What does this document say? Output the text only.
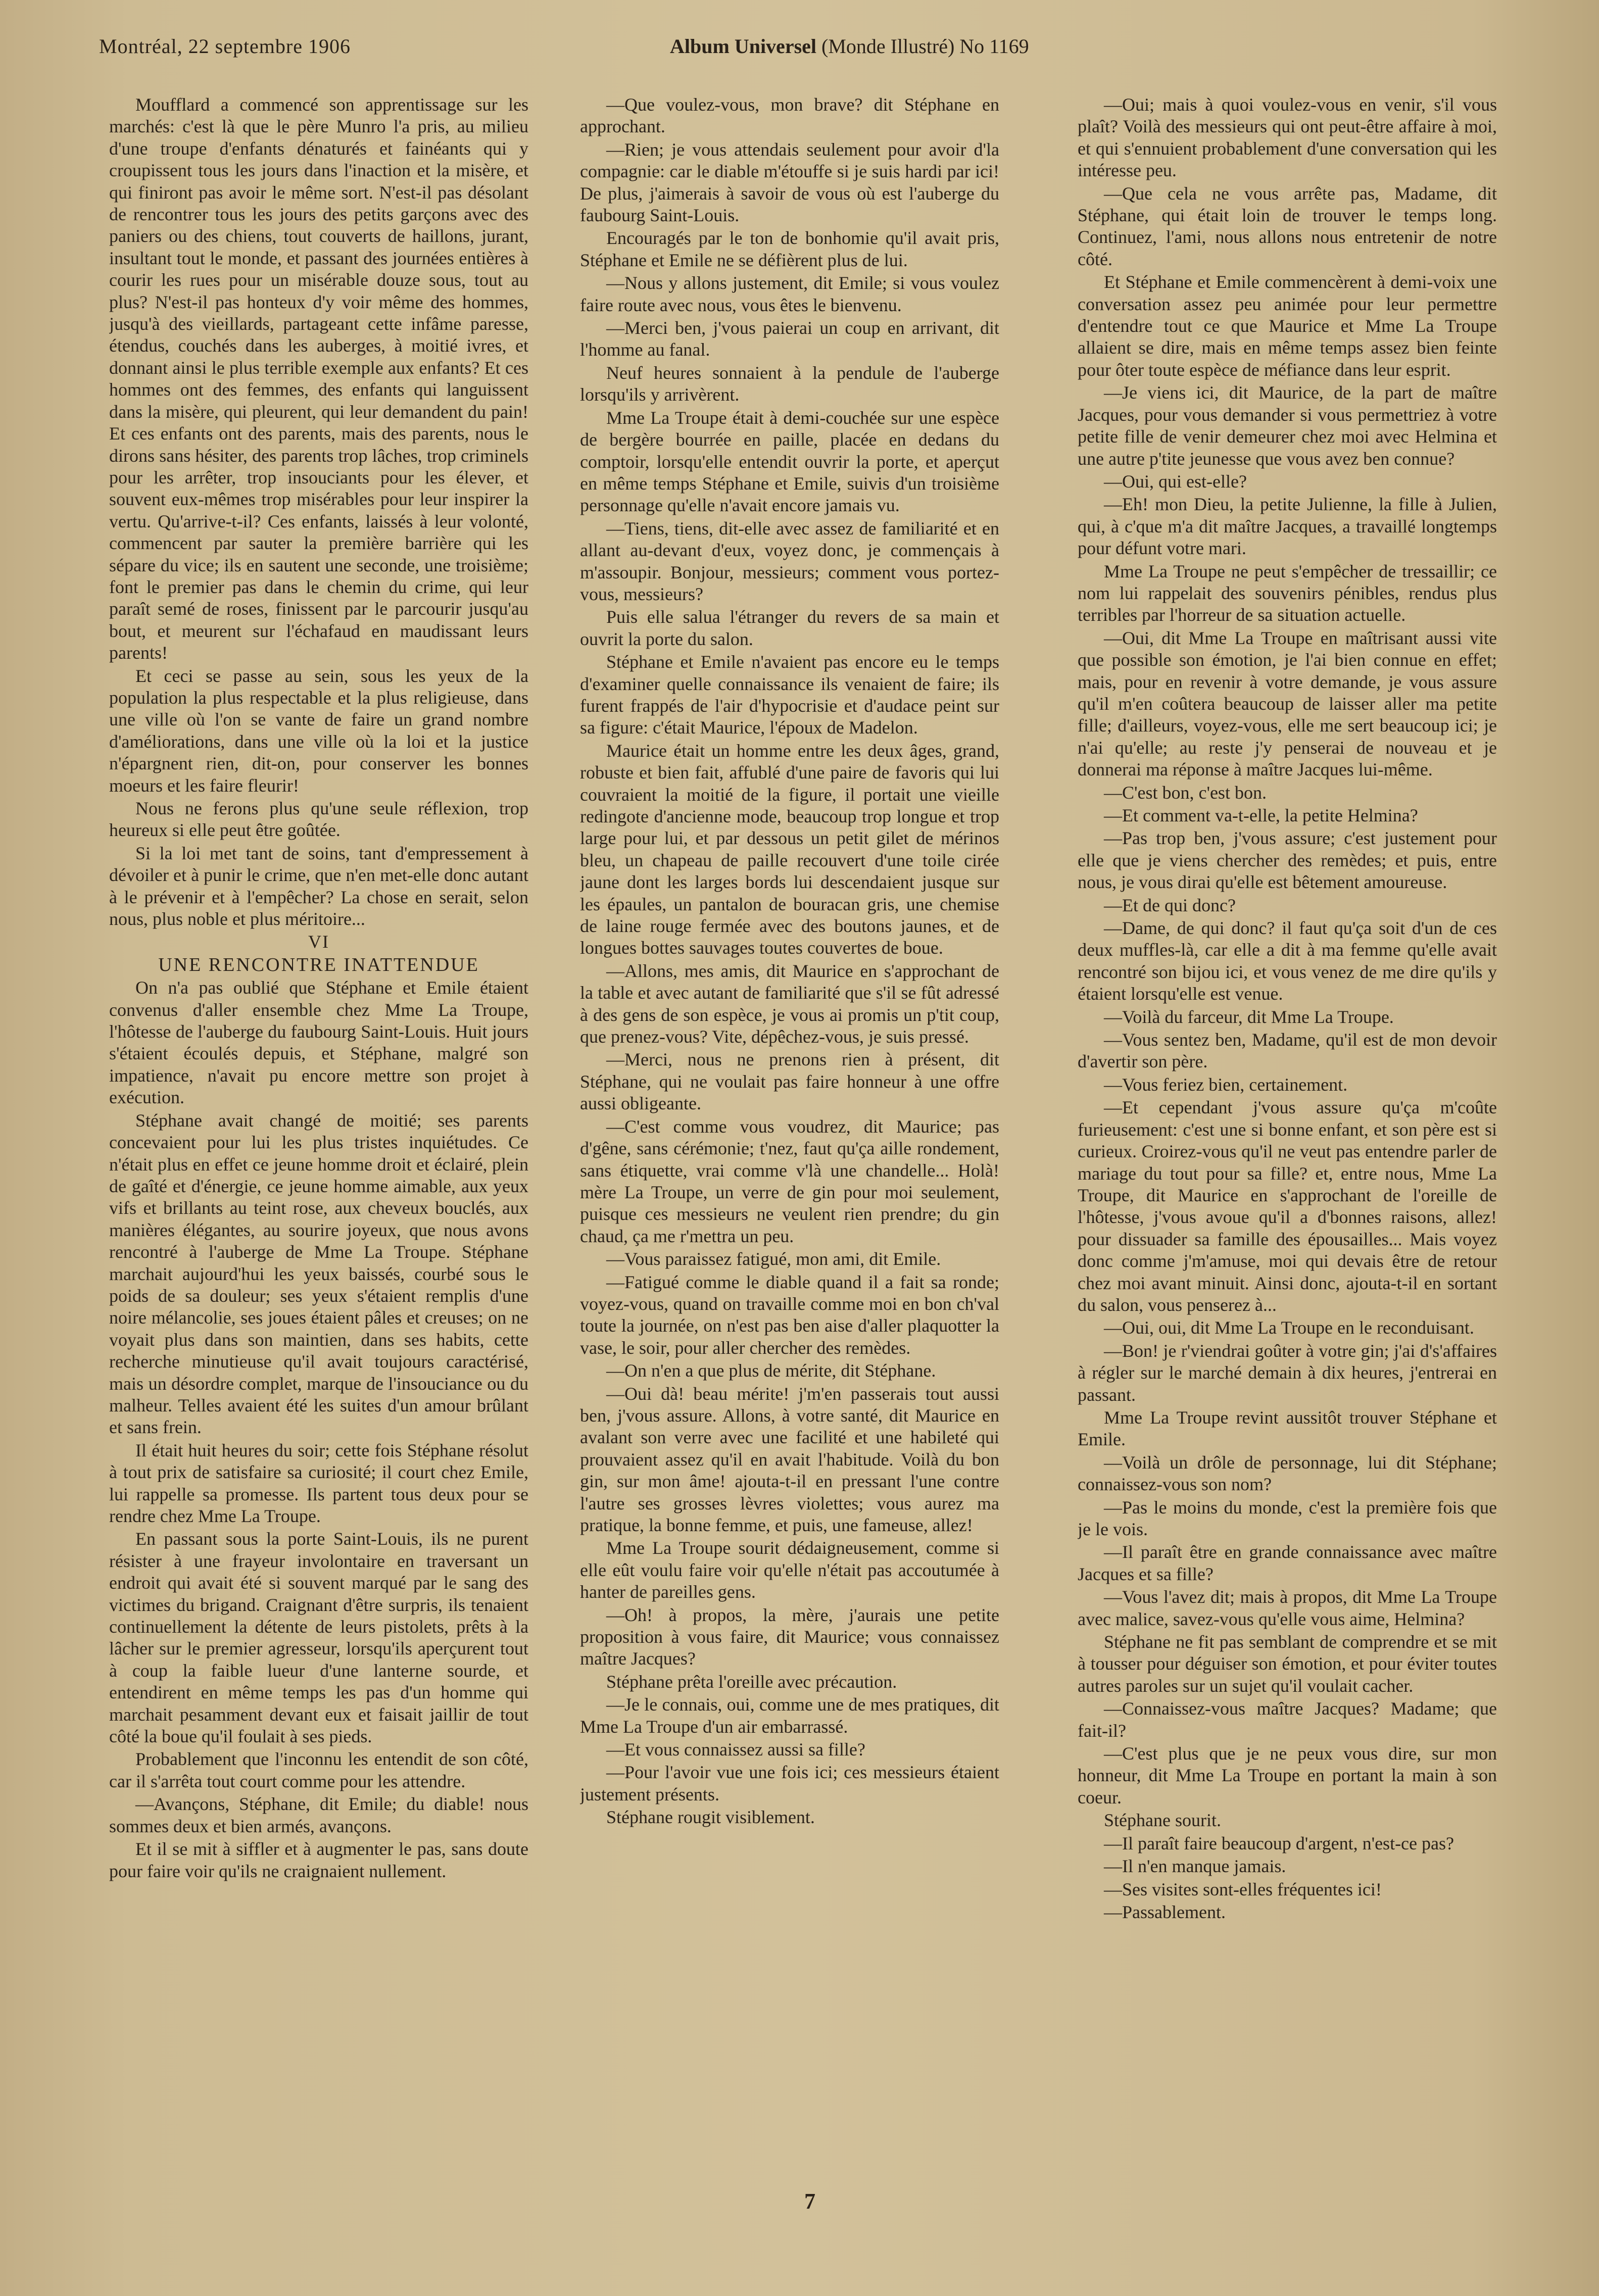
Montréal, 22 septembre 1906	Album Universel (Monde Illustré) No 1169

Moufflard a commencé son apprentissage sur les marchés: c'est là que le père Munro l'a pris, au milieu d'une troupe d'enfants dénaturés et fainéants qui y croupissent tous les jours dans l'inaction et la misère, et qui finiront pas avoir le même sort. N'est-il pas désolant de rencontrer tous les jours des petits garçons avec des paniers ou des chiens, tout couverts de haillons, jurant, insultant tout le monde, et passant des journées entières à courir les rues pour un misérable douze sous, tout au plus? N'est-il pas honteux d'y voir même des hommes, jusqu'à des vieillards, partageant cette infâme paresse, étendus, couchés dans les auberges, à moitié ivres, et donnant ainsi le plus terrible exemple aux enfants? Et ces hommes ont des femmes, des enfants qui languissent dans la misère, qui pleurent, qui leur demandent du pain! Et ces enfants ont des parents, mais des parents, nous le dirons sans hésiter, des parents trop lâches, trop criminels pour les arrêter, trop insouciants pour les élever, et souvent eux-mêmes trop misérables pour leur inspirer la vertu. Qu'arrive-t-il? Ces enfants, laissés à leur volonté, commencent par sauter la première barrière qui les sépare du vice; ils en sautent une seconde, une troisième; font le premier pas dans le chemin du crime, qui leur paraît semé de roses, finissent par le parcourir jusqu'au bout, et meurent sur l'échafaud en maudissant leurs parents!

Et ceci se passe au sein, sous les yeux de la population la plus respectable et la plus religieuse, dans une ville où l'on se vante de faire un grand nombre d'améliorations, dans une ville où la loi et la justice n'épargnent rien, dit-on, pour conserver les bonnes moeurs et les faire fleurir!

Nous ne ferons plus qu'une seule réflexion, trop heureux si elle peut être goûtée.

Si la loi met tant de soins, tant d'empressement à dévoiler et à punir le crime, que n'en met-elle donc autant à le prévenir et à l'empêcher? La chose en serait, selon nous, plus noble et plus méritoire...

VI

UNE RENCONTRE INATTENDUE

On n'a pas oublié que Stéphane et Emile étaient convenus d'aller ensemble chez Mme La Troupe, l'hôtesse de l'auberge du faubourg Saint-Louis. Huit jours s'étaient écoulés depuis, et Stéphane, malgré son impatience, n'avait pu encore mettre son projet à exécution.

Stéphane avait changé de moitié; ses parents concevaient pour lui les plus tristes inquiétudes. Ce n'était plus en effet ce jeune homme droit et éclairé, plein de gaîté et d'énergie, ce jeune homme aimable, aux yeux vifs et brillants au teint rose, aux cheveux bouclés, aux manières élégantes, au sourire joyeux, que nous avons rencontré à l'auberge de Mme La Troupe. Stéphane marchait aujourd'hui les yeux baissés, courbé sous le poids de sa douleur; ses yeux s'étaient remplis d'une noire mélancolie, ses joues étaient pâles et creuses; on ne voyait plus dans son maintien, dans ses habits, cette recherche minutieuse qu'il avait toujours caractérisé, mais un désordre complet, marque de l'insouciance ou du malheur. Telles avaient été les suites d'un amour brûlant et sans frein.

Il était huit heures du soir; cette fois Stéphane résolut à tout prix de satisfaire sa curiosité; il court chez Emile, lui rappelle sa promesse. Ils partent tous deux pour se rendre chez Mme La Troupe.

En passant sous la porte Saint-Louis, ils ne purent résister à une frayeur involontaire en traversant un endroit qui avait été si souvent marqué par le sang des victimes du brigand. Craignant d'être surpris, ils tenaient continuellement la détente de leurs pistolets, prêts à la lâcher sur le premier agresseur, lorsqu'ils aperçurent tout à coup la faible lueur d'une lanterne sourde, et entendirent en même temps les pas d'un homme qui marchait pesamment devant eux et faisait jaillir de tout côté la boue qu'il foulait à ses pieds.

Probablement que l'inconnu les entendit de son côté, car il s'arrêta tout court comme pour les attendre.

—Avançons, Stéphane, dit Emile; du diable! nous sommes deux et bien armés, avançons.

Et il se mit à siffler et à augmenter le pas, sans doute pour faire voir qu'ils ne craignaient nullement.

—Que voulez-vous, mon brave? dit Stéphane en approchant.

—Rien; je vous attendais seulement pour avoir d'la compagnie: car le diable m'étouffe si je suis hardi par ici! De plus, j'aimerais à savoir de vous où est l'auberge du faubourg Saint-Louis.

Encouragés par le ton de bonhomie qu'il avait pris, Stéphane et Emile ne se défièrent plus de lui.

—Nous y allons justement, dit Emile; si vous voulez faire route avec nous, vous êtes le bienvenu.

—Merci ben, j'vous paierai un coup en arrivant, dit l'homme au fanal.

Neuf heures sonnaient à la pendule de l'auberge lorsqu'ils y arrivèrent.

Mme La Troupe était à demi-couchée sur une espèce de bergère bourrée en paille, placée en dedans du comptoir, lorsqu'elle entendit ouvrir la porte, et aperçut en même temps Stéphane et Emile, suivis d'un troisième personnage qu'elle n'avait encore jamais vu.

—Tiens, tiens, dit-elle avec assez de familiarité et en allant au-devant d'eux, voyez donc, je commençais à m'assoupir. Bonjour, messieurs; comment vous portez-vous, messieurs?

Puis elle salua l'étranger du revers de sa main et ouvrit la porte du salon.

Stéphane et Emile n'avaient pas encore eu le temps d'examiner quelle connaissance ils venaient de faire; ils furent frappés de l'air d'hypocrisie et d'audace peint sur sa figure: c'était Maurice, l'époux de Madelon.

Maurice était un homme entre les deux âges, grand, robuste et bien fait, affublé d'une paire de favoris qui lui couvraient la moitié de la figure, il portait une vieille redingote d'ancienne mode, beaucoup trop longue et trop large pour lui, et par dessous un petit gilet de mérinos bleu, un chapeau de paille recouvert d'une toile cirée jaune dont les larges bords lui descendaient jusque sur les épaules, un pantalon de bouracan gris, une chemise de laine rouge fermée avec des boutons jaunes, et de longues bottes sauvages toutes couvertes de boue.

—Allons, mes amis, dit Maurice en s'approchant de la table et avec autant de familiarité que s'il se fût adressé à des gens de son espèce, je vous ai promis un p'tit coup, que prenez-vous? Vite, dépêchez-vous, je suis pressé.

—Merci, nous ne prenons rien à présent, dit Stéphane, qui ne voulait pas faire honneur à une offre aussi obligeante.

—C'est comme vous voudrez, dit Maurice; pas d'gêne, sans cérémonie; t'nez, faut qu'ça aille rondement, sans étiquette, vrai comme v'là une chandelle... Holà! mère La Troupe, un verre de gin pour moi seulement, puisque ces messieurs ne veulent rien prendre; du gin chaud, ça me r'mettra un peu.

—Vous paraissez fatigué, mon ami, dit Emile.

—Fatigué comme le diable quand il a fait sa ronde; voyez-vous, quand on travaille comme moi en bon ch'val toute la journée, on n'est pas ben aise d'aller plaquotter la vase, le soir, pour aller chercher des remèdes.

—On n'en a que plus de mérite, dit Stéphane.

—Oui dà! beau mérite! j'm'en passerais tout aussi ben, j'vous assure. Allons, à votre santé, dit Maurice en avalant son verre avec une facilité et une habileté qui prouvaient assez qu'il en avait l'habitude. Voilà du bon gin, sur mon âme! ajouta-t-il en pressant l'une contre l'autre ses grosses lèvres violettes; vous aurez ma pratique, la bonne femme, et puis, une fameuse, allez!

Mme La Troupe sourit dédaigneusement, comme si elle eût voulu faire voir qu'elle n'était pas accoutumée à hanter de pareilles gens.

—Oh! à propos, la mère, j'aurais une petite proposition à vous faire, dit Maurice; vous connaissez maître Jacques?

Stéphane prêta l'oreille avec précaution.

—Je le connais, oui, comme une de mes pratiques, dit Mme La Troupe d'un air embarrassé.

—Et vous connaissez aussi sa fille?

—Pour l'avoir vue une fois ici; ces messieurs étaient justement présents.

Stéphane rougit visiblement.

—Oui; mais à quoi voulez-vous en venir, s'il vous plaît? Voilà des messieurs qui ont peut-être affaire à moi, et qui s'ennuient probablement d'une conversation qui les intéresse peu.

—Que cela ne vous arrête pas, Madame, dit Stéphane, qui était loin de trouver le temps long. Continuez, l'ami, nous allons nous entretenir de notre côté.

Et Stéphane et Emile commencèrent à demi-voix une conversation assez peu animée pour leur permettre d'entendre tout ce que Maurice et Mme La Troupe allaient se dire, mais en même temps assez bien feinte pour ôter toute espèce de méfiance dans leur esprit.

—Je viens ici, dit Maurice, de la part de maître Jacques, pour vous demander si vous permettriez à votre petite fille de venir demeurer chez moi avec Helmina et une autre p'tite jeunesse que vous avez ben connue?

—Oui, qui est-elle?

—Eh! mon Dieu, la petite Julienne, la fille à Julien, qui, à c'que m'a dit maître Jacques, a travaillé longtemps pour défunt votre mari.

Mme La Troupe ne peut s'empêcher de tressaillir; ce nom lui rappelait des souvenirs pénibles, rendus plus terribles par l'horreur de sa situation actuelle.

—Oui, dit Mme La Troupe en maîtrisant aussi vite que possible son émotion, je l'ai bien connue en effet; mais, pour en revenir à votre demande, je vous assure qu'il m'en coûtera beaucoup de laisser aller ma petite fille; d'ailleurs, voyez-vous, elle me sert beaucoup ici; je n'ai qu'elle; au reste j'y penserai de nouveau et je donnerai ma réponse à maître Jacques lui-même.

—C'est bon, c'est bon.

—Et comment va-t-elle, la petite Helmina?

—Pas trop ben, j'vous assure; c'est justement pour elle que je viens chercher des remèdes; et puis, entre nous, je vous dirai qu'elle est bêtement amoureuse.

—Et de qui donc?

—Dame, de qui donc? il faut qu'ça soit d'un de ces deux muffles-là, car elle a dit à ma femme qu'elle avait rencontré son bijou ici, et vous venez de me dire qu'ils y étaient lorsqu'elle est venue.

—Voilà du farceur, dit Mme La Troupe.

—Vous sentez ben, Madame, qu'il est de mon devoir d'avertir son père.

—Vous feriez bien, certainement.

—Et cependant j'vous assure qu'ça m'coûte furieusement: c'est une si bonne enfant, et son père est si curieux. Croirez-vous qu'il ne veut pas entendre parler de mariage du tout pour sa fille? et, entre nous, Mme La Troupe, dit Maurice en s'approchant de l'oreille de l'hôtesse, j'vous avoue qu'il a d'bonnes raisons, allez! pour dissuader sa famille des épousailles... Mais voyez donc comme j'm'amuse, moi qui devais être de retour chez moi avant minuit. Ainsi donc, ajouta-t-il en sortant du salon, vous penserez à...

—Oui, oui, dit Mme La Troupe en le reconduisant.

—Bon! je r'viendrai goûter à votre gin; j'ai d's'affaires à régler sur le marché demain à dix heures, j'entrerai en passant.

Mme La Troupe revint aussitôt trouver Stéphane et Emile.

—Voilà un drôle de personnage, lui dit Stéphane; connaissez-vous son nom?

—Pas le moins du monde, c'est la première fois que je le vois.

—Il paraît être en grande connaissance avec maître Jacques et sa fille?

—Vous l'avez dit; mais à propos, dit Mme La Troupe avec malice, savez-vous qu'elle vous aime, Helmina?

Stéphane ne fit pas semblant de comprendre et se mit à tousser pour déguiser son émotion, et pour éviter toutes autres paroles sur un sujet qu'il voulait cacher.

—Connaissez-vous maître Jacques? Madame; que fait-il?

—C'est plus que je ne peux vous dire, sur mon honneur, dit Mme La Troupe en portant la main à son coeur.

Stéphane sourit.

—Il paraît faire beaucoup d'argent, n'est-ce pas?

—Il n'en manque jamais.

—Ses visites sont-elles fréquentes ici!

—Passablement.

7
